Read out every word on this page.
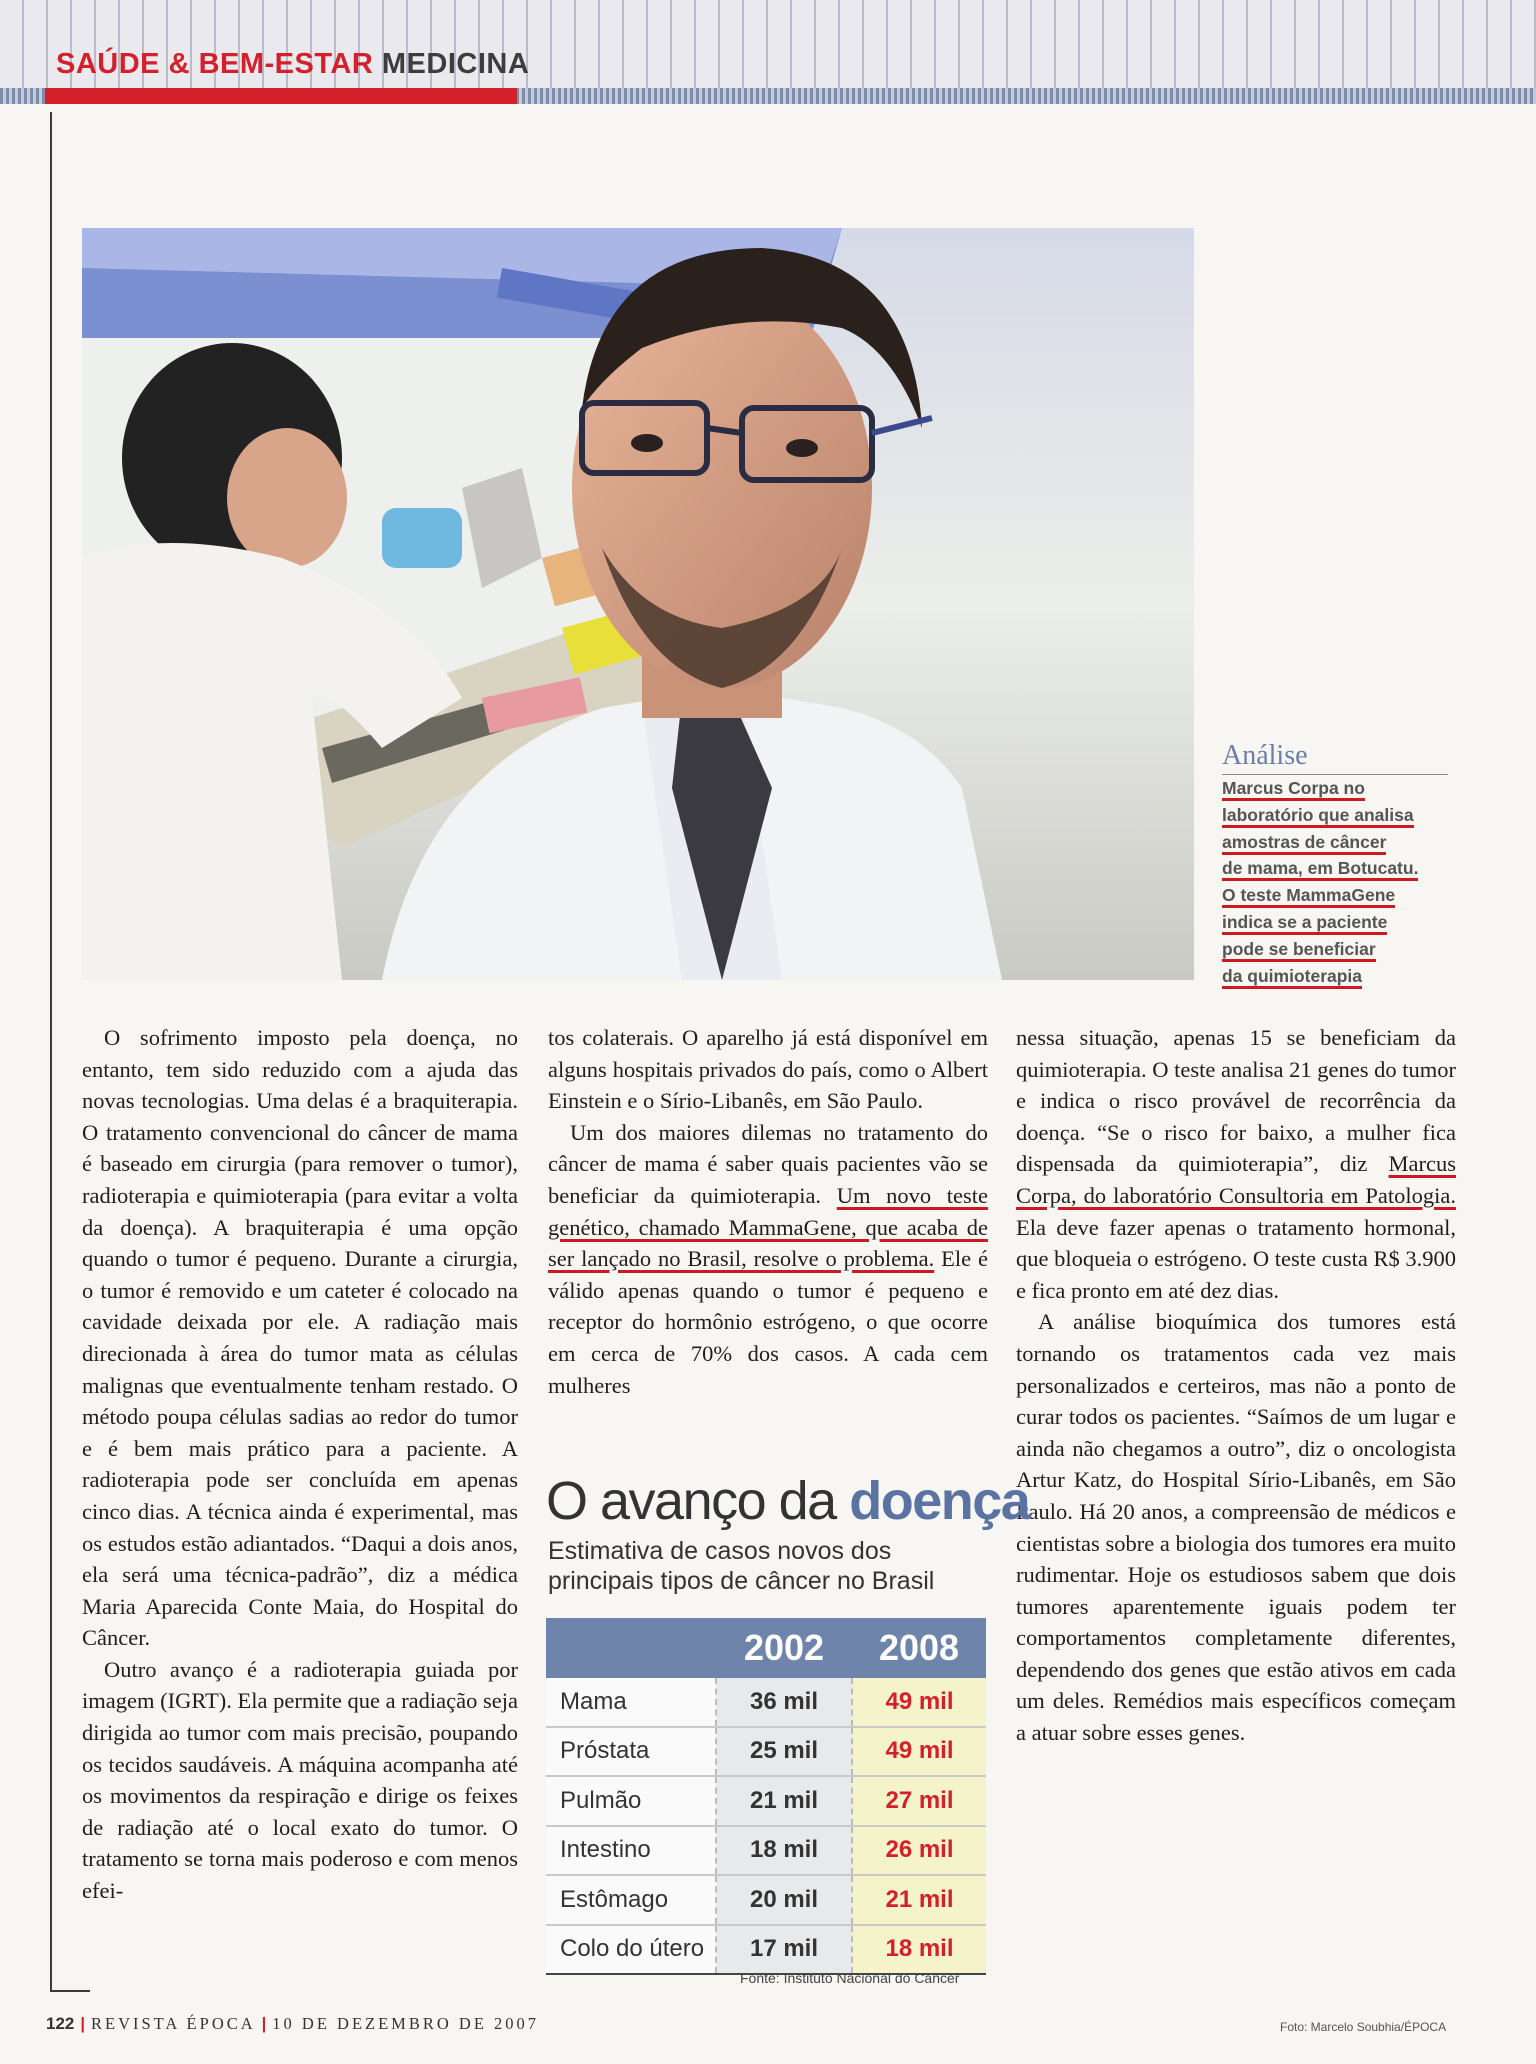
SAÚDE & BEM-ESTAR MEDICINA
Análise
Marcus Corpa no
laboratório que analisa
amostras de câncer
de mama, em Botucatu.
O teste MammaGene
indica se a paciente
pode se beneficiar
da quimioterapia

O sofrimento imposto pela doença, no entanto, tem sido reduzido com a ajuda das novas tecnologias. Uma delas é a braquiterapia. O tratamento convencional do câncer de mama é baseado em cirurgia (para remover o tumor), radioterapia e quimioterapia (para evitar a volta da doença). A braquiterapia é uma opção quando o tumor é pequeno. Durante a cirurgia, o tumor é removido e um cateter é colocado na cavidade deixada por ele. A radiação mais direcionada à área do tumor mata as células malignas que eventualmente tenham restado. O método poupa células sadias ao redor do tumor e é bem mais prático para a paciente. A radioterapia pode ser concluída em apenas cinco dias. A técnica ainda é experimental, mas os estudos estão adiantados. “Daqui a dois anos, ela será uma técnica-padrão”, diz a médica Maria Aparecida Conte Maia, do Hospital do Câncer.

Outro avanço é a radioterapia guiada por imagem (IGRT). Ela permite que a radiação seja dirigida ao tumor com mais precisão, poupando os tecidos saudáveis. A máquina acompanha até os movimentos da respiração e dirige os feixes de radiação até o local exato do tumor. O tratamento se torna mais poderoso e com menos efei-

tos colaterais. O aparelho já está disponível em alguns hospitais privados do país, como o Albert Einstein e o Sírio-Libanês, em São Paulo.

Um dos maiores dilemas no tratamento do câncer de mama é saber quais pacientes vão se beneficiar da quimioterapia. Um novo teste genético, chamado MammaGene, que acaba de ser lançado no Brasil, resolve o problema. Ele é válido apenas quando o tumor é pequeno e receptor do hormônio estrógeno, o que ocorre em cerca de 70% dos casos. A cada cem mulheres

nessa situação, apenas 15 se beneficiam da quimioterapia. O teste analisa 21 genes do tumor e indica o risco provável de recorrência da doença. “Se o risco for baixo, a mulher fica dispensada da quimioterapia”, diz Marcus Corpa, do laboratório Consultoria em Patologia. Ela deve fazer apenas o tratamento hormonal, que bloqueia o estrógeno. O teste custa R$ 3.900 e fica pronto em até dez dias.

A análise bioquímica dos tumores está tornando os tratamentos cada vez mais personalizados e certeiros, mas não a ponto de curar todos os pacientes. “Saímos de um lugar e ainda não chegamos a outro”, diz o oncologista Artur Katz, do Hospital Sírio-Libanês, em São Paulo. Há 20 anos, a compreensão de médicos e cientistas sobre a biologia dos tumores era muito rudimentar. Hoje os estudiosos sabem que dois tumores aparentemente iguais podem ter comportamentos completamente diferentes, dependendo dos genes que estão ativos em cada um deles. Remédios mais específicos começam a atuar sobre esses genes.

O avanço da doença
Estimativa de casos novos dos principais tipos de câncer no Brasil
	2002	2008
Mama	36 mil	49 mil
Próstata	25 mil	49 mil
Pulmão	21 mil	27 mil
Intestino	18 mil	26 mil
Estômago	20 mil	21 mil
Colo do útero	17 mil	18 mil
Fonte: Instituto Nacional do Câncer
122 | REVISTA ÉPOCA | 10 DE DEZEMBRO DE 2007	Foto: Marcelo Soubhia/ÉPOCA
